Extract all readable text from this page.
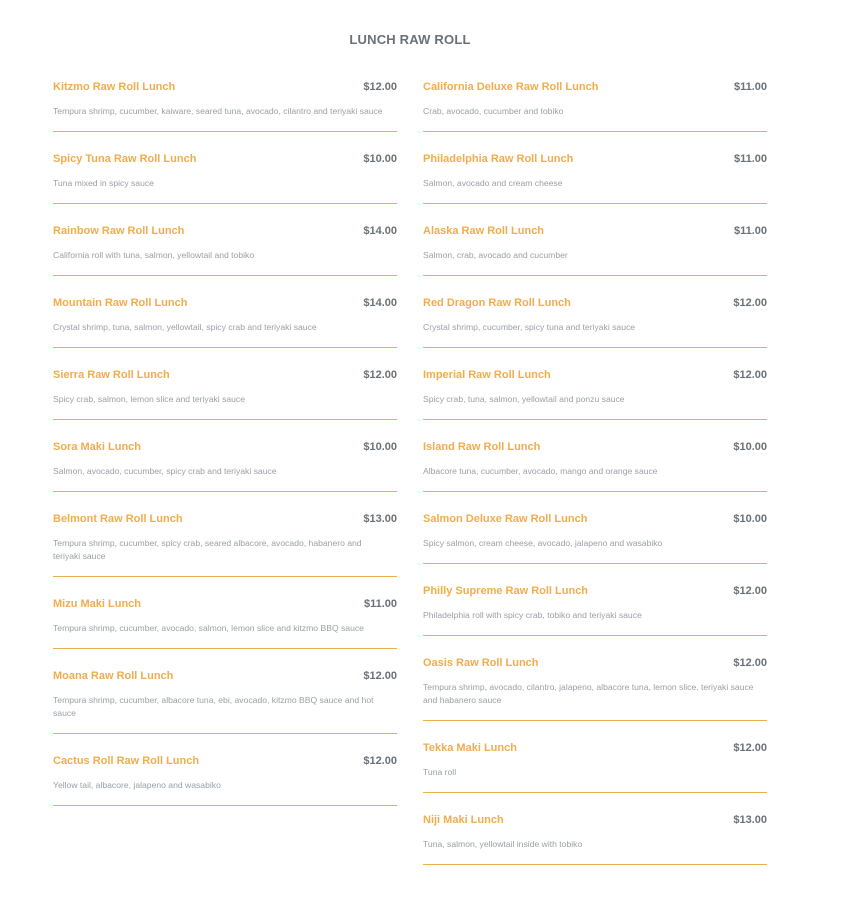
LUNCH RAW ROLL
Kitzmo Raw Roll Lunch	$12.00
Tempura shrimp, cucumber, kaiware, seared tuna, avocado, cilantro and teriyaki sauce
Spicy Tuna Raw Roll Lunch	$10.00
Tuna mixed in spicy sauce
Rainbow Raw Roll Lunch	$14.00
California roll with tuna, salmon, yellowtail and tobiko
Mountain Raw Roll Lunch	$14.00
Crystal shrimp, tuna, salmon, yellowtail, spicy crab and teriyaki sauce
Sierra Raw Roll Lunch	$12.00
Spicy crab, salmon, lemon slice and teriyaki sauce
Sora Maki Lunch	$10.00
Salmon, avocado, cucumber, spicy crab and teriyaki sauce
Belmont Raw Roll Lunch	$13.00
Tempura shrimp, cucumber, spicy crab, seared albacore, avocado, habanero and teriyaki sauce
Mizu Maki Lunch	$11.00
Tempura shrimp, cucumber, avocado, salmon, lemon slice and kitzmo BBQ sauce
Moana Raw Roll Lunch	$12.00
Tempura shrimp, cucumber, albacore tuna, ebi, avocado, kitzmo BBQ sauce and hot sauce
Cactus Roll Raw Roll Lunch	$12.00
Yellow tail, albacore, jalapeno and wasabiko
California Deluxe Raw Roll Lunch	$11.00
Crab, avocado, cucumber and tobiko
Philadelphia Raw Roll Lunch	$11.00
Salmon, avocado and cream cheese
Alaska Raw Roll Lunch	$11.00
Salmon, crab, avocado and cucumber
Red Dragon Raw Roll Lunch	$12.00
Crystal shrimp, cucumber, spicy tuna and teriyaki sauce
Imperial Raw Roll Lunch	$12.00
Spicy crab, tuna, salmon, yellowtail and ponzu sauce
Island Raw Roll Lunch	$10.00
Albacore tuna, cucumber, avocado, mango and orange sauce
Salmon Deluxe Raw Roll Lunch	$10.00
Spicy salmon, cream cheese, avocado, jalapeno and wasabiko
Philly Supreme Raw Roll Lunch	$12.00
Philadelphia roll with spicy crab, tobiko and teriyaki sauce
Oasis Raw Roll Lunch	$12.00
Tempura shrimp, avocado, cilantro, jalapeno, albacore tuna, lemon slice, teriyaki sauce and habanero sauce
Tekka Maki Lunch	$12.00
Tuna roll
Niji Maki Lunch	$13.00
Tuna, salmon, yellowtail inside with tobiko
